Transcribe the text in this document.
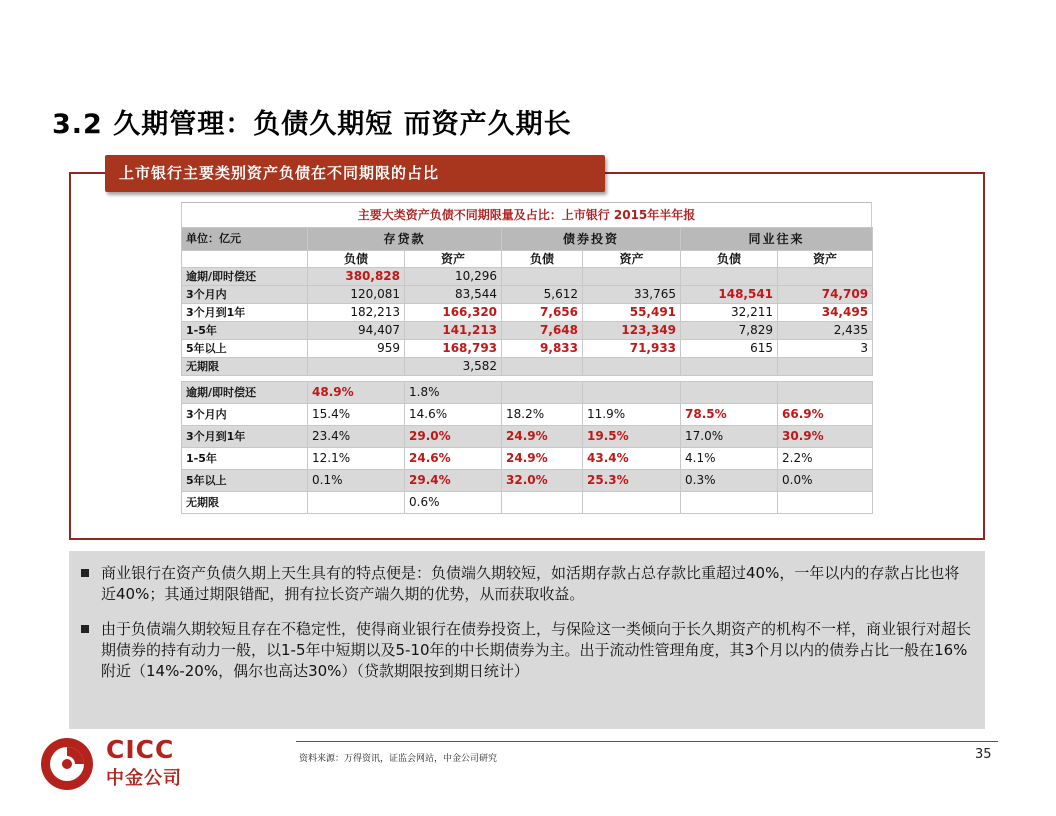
3.2 久期管理：负债久期短 而资产久期长
上市银行主要类别资产负债在不同期限的占比
主要大类资产负债不同期限量及占比：上市银行 2015年半年报
单位：亿元	存贷款		债券投资		同业往来	
	负债	资产	负债	资产	负债	资产
逾期/即时偿还	380,828	10,296				
3个月内	120,081	83,544	5,612	33,765	148,541	74,709
3个月到1年	182,213	166,320	7,656	55,491	32,211	34,495
1-5年	94,407	141,213	7,648	123,349	7,829	2,435
5年以上	959	168,793	9,833	71,933	615	3
无期限		3,582				

逾期/即时偿还	48.9%	1.8%				
3个月内	15.4%	14.6%	18.2%	11.9%	78.5%	66.9%
3个月到1年	23.4%	29.0%	24.9%	19.5%	17.0%	30.9%
1-5年	12.1%	24.6%	24.9%	43.4%	4.1%	2.2%
5年以上	0.1%	29.4%	32.0%	25.3%	0.3%	0.0%
无期限		0.6%				
商业银行在资产负债久期上天生具有的特点便是：负债端久期较短，如活期存款占总存款比重超过40%，一年以内的存款占比也将近40%；其通过期限错配，拥有拉长资产端久期的优势，从而获取收益。
由于负债端久期较短且存在不稳定性，使得商业银行在债券投资上，与保险这一类倾向于长久期资产的机构不一样，商业银行对超长期债券的持有动力一般，以1-5年中短期以及5-10年的中长期债券为主。出于流动性管理角度，其3个月以内的债券占比一般在16%附近（14%-20%，偶尔也高达30%）（贷款期限按到期日统计）
CICC
中金公司
资料来源：万得资讯，证监会网站，中金公司研究	35
